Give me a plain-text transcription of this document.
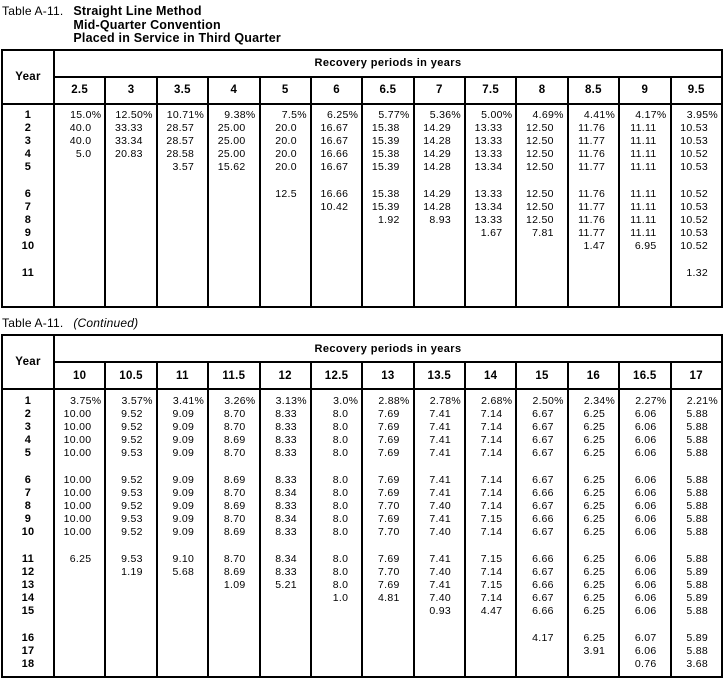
Table A-11. Straight Line Method
Mid-Quarter Convention
Placed in Service in Third Quarter
Year	Recovery periods in years												
	2.5	3	3.5	4	5	6	6.5	7	7.5	8	8.5	9	9.5
1	15.0%	12.50%	10.71%	9.38%	7.5%	6.25%	5.77%	5.36%	5.00%	4.69%	4.41%	4.17%	3.95%
2	40.0	33.33	28.57	25.00	20.0	16.67	15.38	14.29	13.33	12.50	11.76	11.11	10.53
3	40.0	33.34	28.57	25.00	20.0	16.67	15.39	14.28	13.33	12.50	11.77	11.11	10.53
4	5.0	20.83	28.58	25.00	20.0	16.66	15.38	14.29	13.33	12.50	11.76	11.11	10.52
5			3.57	15.62	20.0	16.67	15.39	14.28	13.34	12.50	11.77	11.11	10.53

6					12.5	16.66	15.38	14.29	13.33	12.50	11.76	11.11	10.52
7						10.42	15.39	14.28	13.34	12.50	11.77	11.11	10.53
8							1.92	8.93	13.33	12.50	11.76	11.11	10.52
9									1.67	7.81	11.77	11.11	10.53
10											1.47	6.95	10.52

11													1.32

Table A-11. (Continued)
Year	Recovery periods in years												
	10	10.5	11	11.5	12	12.5	13	13.5	14	15	16	16.5	17
1	3.75%	3.57%	3.41%	3.26%	3.13%	3.0%	2.88%	2.78%	2.68%	2.50%	2.34%	2.27%	2.21%
2	10.00	9.52	9.09	8.70	8.33	8.0	7.69	7.41	7.14	6.67	6.25	6.06	5.88
3	10.00	9.52	9.09	8.70	8.33	8.0	7.69	7.41	7.14	6.67	6.25	6.06	5.88
4	10.00	9.52	9.09	8.69	8.33	8.0	7.69	7.41	7.14	6.67	6.25	6.06	5.88
5	10.00	9.53	9.09	8.70	8.33	8.0	7.69	7.41	7.14	6.67	6.25	6.06	5.88

6	10.00	9.52	9.09	8.69	8.33	8.0	7.69	7.41	7.14	6.67	6.25	6.06	5.88
7	10.00	9.53	9.09	8.70	8.34	8.0	7.69	7.41	7.14	6.66	6.25	6.06	5.88
8	10.00	9.52	9.09	8.69	8.33	8.0	7.70	7.40	7.14	6.67	6.25	6.06	5.88
9	10.00	9.53	9.09	8.70	8.34	8.0	7.69	7.41	7.15	6.66	6.25	6.06	5.88
10	10.00	9.52	9.09	8.69	8.33	8.0	7.70	7.40	7.14	6.67	6.25	6.06	5.88

11	6.25	9.53	9.10	8.70	8.34	8.0	7.69	7.41	7.15	6.66	6.25	6.06	5.88
12		1.19	5.68	8.69	8.33	8.0	7.70	7.40	7.14	6.67	6.25	6.06	5.89
13				1.09	5.21	8.0	7.69	7.41	7.15	6.66	6.25	6.06	5.88
14						1.0	4.81	7.40	7.14	6.67	6.25	6.06	5.89
15								0.93	4.47	6.66	6.25	6.06	5.88

16										4.17	6.25	6.07	5.89
17											3.91	6.06	5.88
18												0.76	3.68
